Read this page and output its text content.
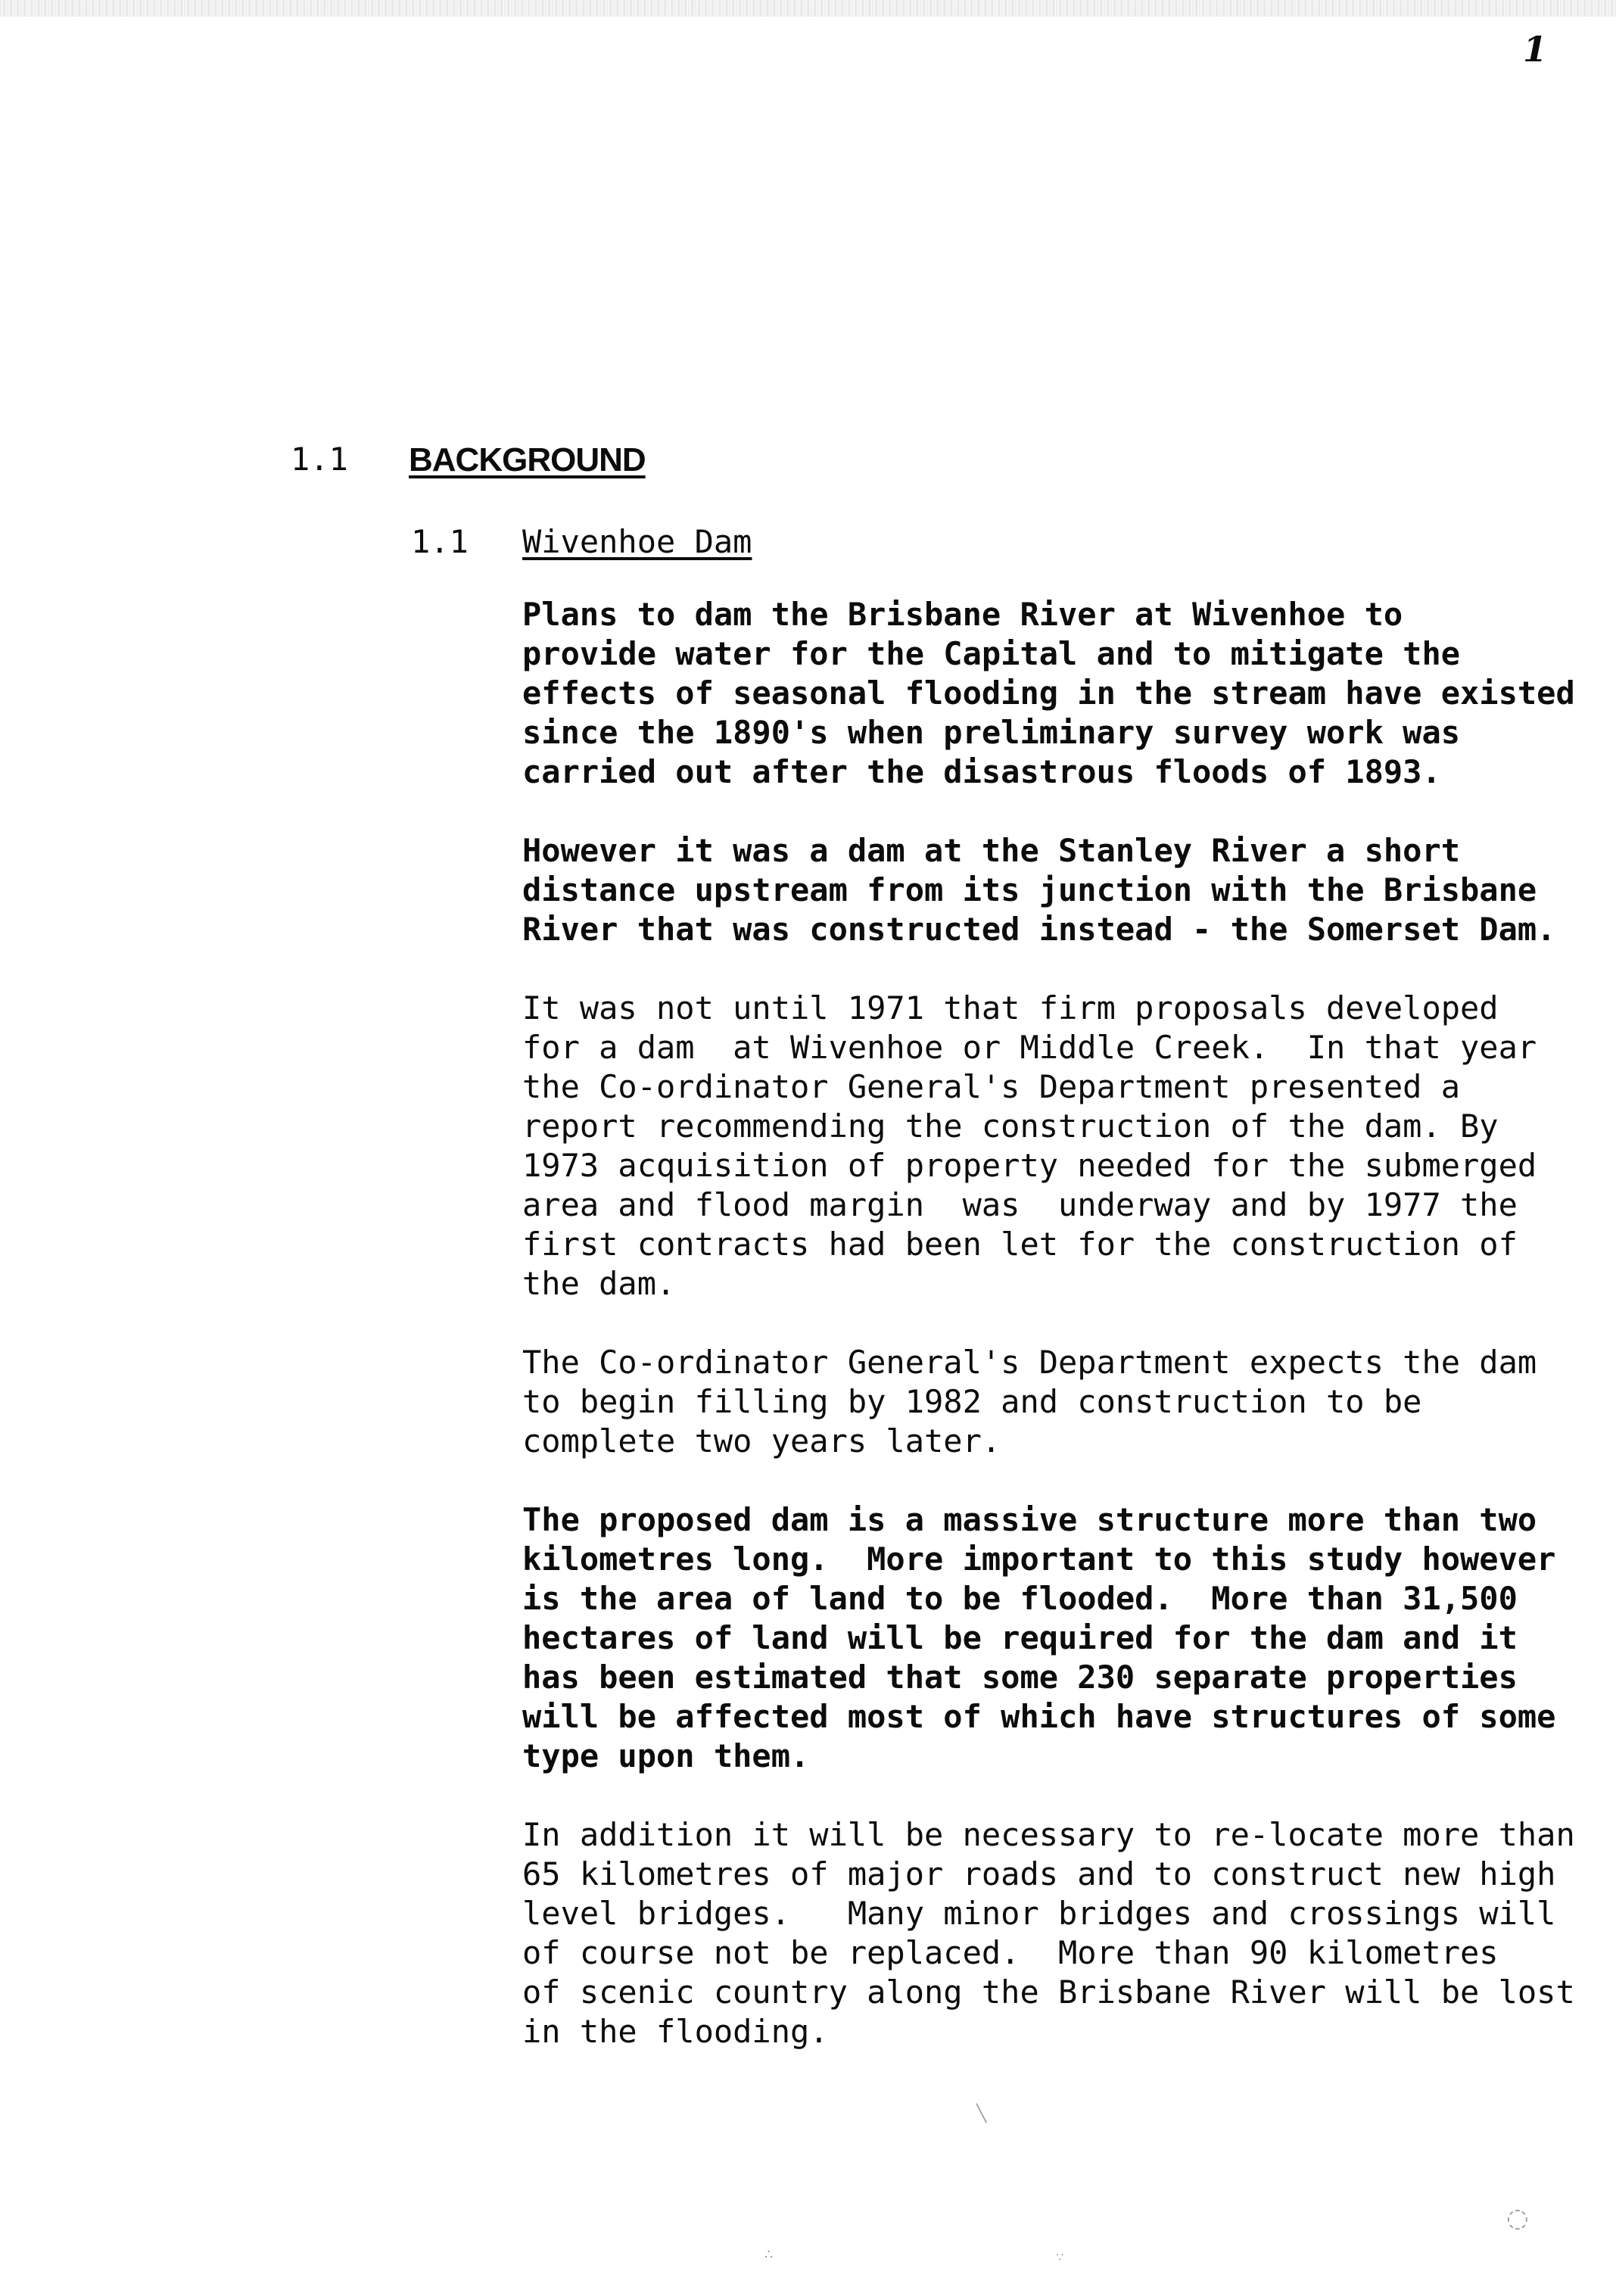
1
1.1 BACKGROUND
1.1 Wivenhoe Dam
Plans to dam the Brisbane River at Wivenhoe to
provide water for the Capital and to mitigate the
effects of seasonal flooding in the stream have existed
since the 1890's when preliminary survey work was
carried out after the disastrous floods of 1893.
However it was a dam at the Stanley River a short
distance upstream from its junction with the Brisbane
River that was constructed instead - the Somerset Dam.
It was not until 1971 that firm proposals developed
for a dam  at Wivenhoe or Middle Creek.  In that year
the Co-ordinator General's Department presented a
report recommending the construction of the dam. By
1973 acquisition of property needed for the submerged
area and flood margin  was  underway and by 1977 the
first contracts had been let for the construction of
the dam.
The Co-ordinator General's Department expects the dam
to begin filling by 1982 and construction to be
complete two years later.
The proposed dam is a massive structure more than two
kilometres long.  More important to this study however
is the area of land to be flooded.  More than 31,500
hectares of land will be required for the dam and it
has been estimated that some 230 separate properties
will be affected most of which have structures of some
type upon them.
In addition it will be necessary to re-locate more than
65 kilometres of major roads and to construct new high
level bridges.   Many minor bridges and crossings will
of course not be replaced.  More than 90 kilometres
of scenic country along the Brisbane River will be lost
in the flooding.
◌
∴	∵
╲
